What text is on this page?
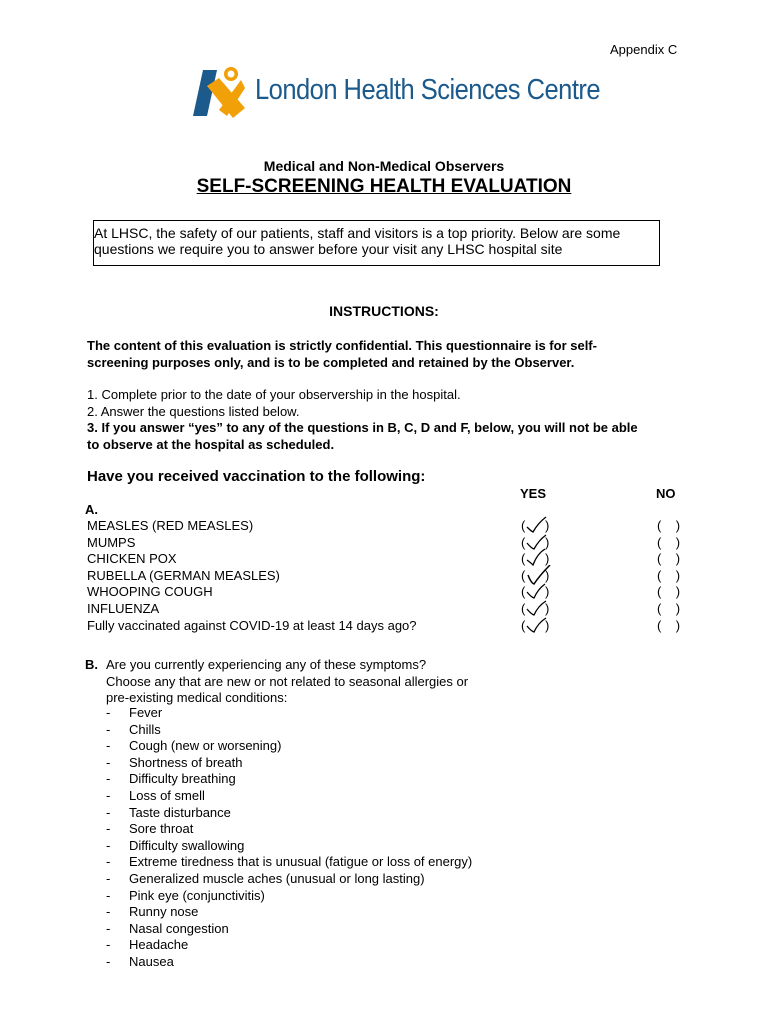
Appendix C
London Health Sciences Centre
Medical and Non-Medical Observers
SELF-SCREENING HEALTH EVALUATION
At LHSC, the safety of our patients, staff and visitors is a top priority. Below are some
questions we require you to answer before your visit any LHSC hospital site
INSTRUCTIONS:
The content of this evaluation is strictly confidential. This questionnaire is for self-
screening purposes only, and is to be completed and retained by the Observer.
1. Complete prior to the date of your observership in the hospital.
2. Answer the questions listed below.
3. If you answer “yes” to any of the questions in B, C, D and F, below, you will not be able
to observe at the hospital as scheduled.
Have you received vaccination to the following:
YES	NO
A.
MEASLES (RED MEASLES)	( )	(    )
MUMPS	( )	(    )
CHICKEN POX	( )	(    )
RUBELLA (GERMAN MEASLES)	( )	(    )
WHOOPING COUGH	( )	(    )
INFLUENZA	( )	(    )
Fully vaccinated against COVID-19 at least 14 days ago?	( )	(    )
B. Are you currently experiencing any of these symptoms?
Choose any that are new or not related to seasonal allergies or
pre-existing medical conditions:
- Fever
- Chills
- Cough (new or worsening)
- Shortness of breath
- Difficulty breathing
- Loss of smell
- Taste disturbance
- Sore throat
- Difficulty swallowing
- Extreme tiredness that is unusual (fatigue or loss of energy)
- Generalized muscle aches (unusual or long lasting)
- Pink eye (conjunctivitis)
- Runny nose
- Nasal congestion
- Headache
- Nausea
